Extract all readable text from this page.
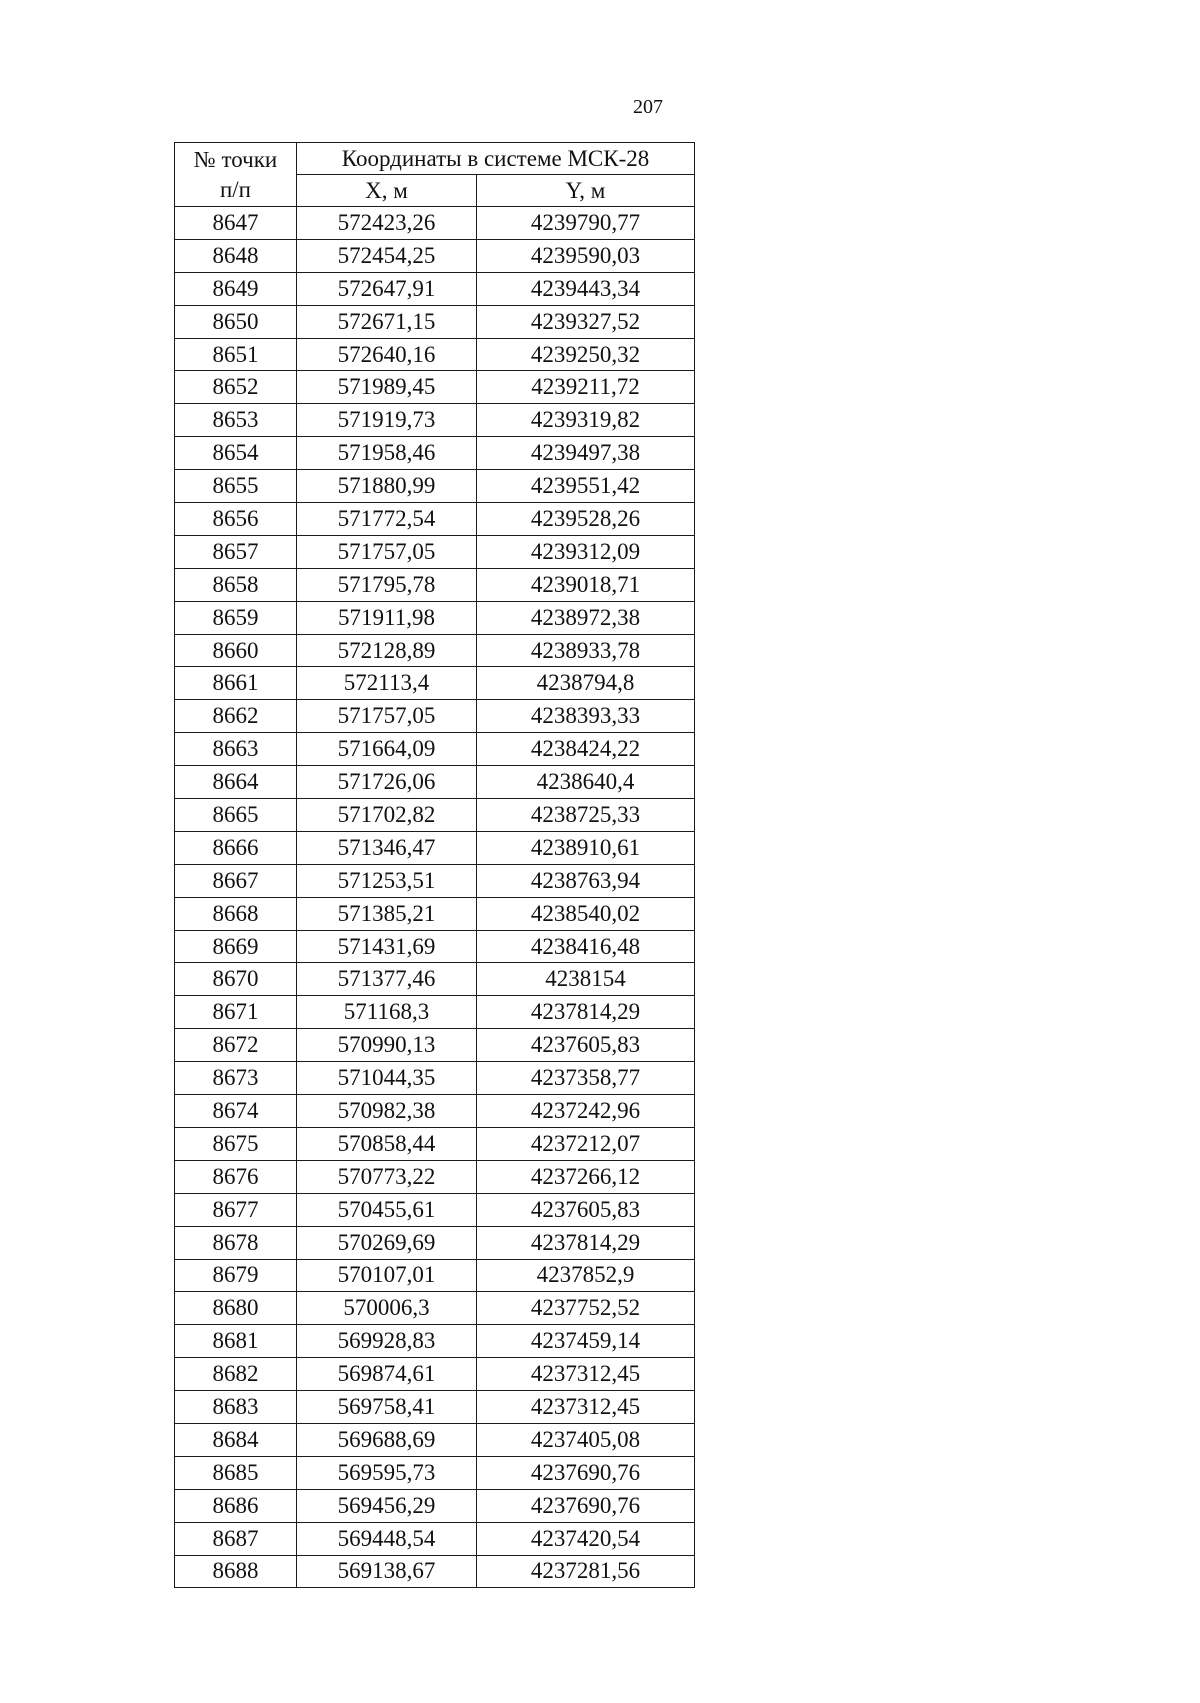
207
№ точки
п/п	Координаты в системе МСК-28	
	X, м	Y, м
8647	572423,26	4239790,77
8648	572454,25	4239590,03
8649	572647,91	4239443,34
8650	572671,15	4239327,52
8651	572640,16	4239250,32
8652	571989,45	4239211,72
8653	571919,73	4239319,82
8654	571958,46	4239497,38
8655	571880,99	4239551,42
8656	571772,54	4239528,26
8657	571757,05	4239312,09
8658	571795,78	4239018,71
8659	571911,98	4238972,38
8660	572128,89	4238933,78
8661	572113,4	4238794,8
8662	571757,05	4238393,33
8663	571664,09	4238424,22
8664	571726,06	4238640,4
8665	571702,82	4238725,33
8666	571346,47	4238910,61
8667	571253,51	4238763,94
8668	571385,21	4238540,02
8669	571431,69	4238416,48
8670	571377,46	4238154
8671	571168,3	4237814,29
8672	570990,13	4237605,83
8673	571044,35	4237358,77
8674	570982,38	4237242,96
8675	570858,44	4237212,07
8676	570773,22	4237266,12
8677	570455,61	4237605,83
8678	570269,69	4237814,29
8679	570107,01	4237852,9
8680	570006,3	4237752,52
8681	569928,83	4237459,14
8682	569874,61	4237312,45
8683	569758,41	4237312,45
8684	569688,69	4237405,08
8685	569595,73	4237690,76
8686	569456,29	4237690,76
8687	569448,54	4237420,54
8688	569138,67	4237281,56
